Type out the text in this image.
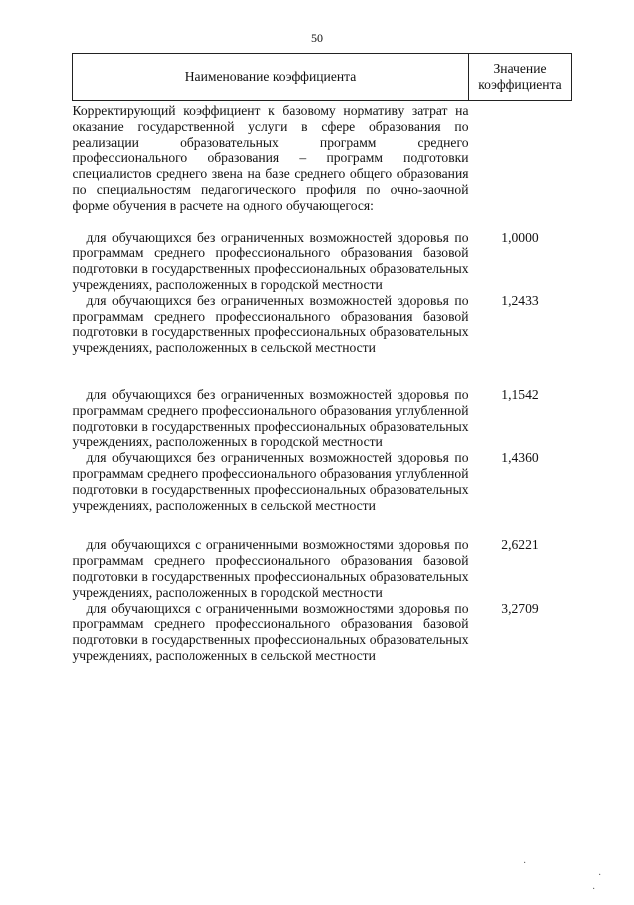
50
Наименование коэффициента	Значение коэффициента
Корректирующий коэффициент к базовому нормативу затрат на оказание государственной услуги в сфере образования по реализации образовательных программ среднего профессионального образования – программ подготовки специалистов среднего звена на базе среднего общего образования по специальностям педагогического профиля по очно-заочной форме обучения в расчете на одного обучающегося:	

для обучающихся без ограниченных возможностей здоровья по программам среднего профессионального образования базовой подготовки в государственных профессиональных образовательных учреждениях, расположенных в городской местности	1,0000
для обучающихся без ограниченных возможностей здоровья по программам среднего профессионального образования базовой подготовки в государственных профессиональных образовательных учреждениях, расположенных в сельской местности	1,2433

для обучающихся без ограниченных возможностей здоровья по программам среднего профессионального образования углубленной подготовки в государственных профессиональных образовательных учреждениях, расположенных в городской местности	1,1542
для обучающихся без ограниченных возможностей здоровья по программам среднего профессионального образования углубленной подготовки в государственных профессиональных образовательных учреждениях, расположенных в сельской местности	1,4360

для обучающихся с ограниченными возможностями здоровья по программам среднего профессионального образования базовой подготовки в государственных профессиональных образовательных учреждениях, расположенных в городской местности	2,6221
для обучающихся с ограниченными возможностями здоровья по программам среднего профессионального образования базовой подготовки в государственных профессиональных образовательных учреждениях, расположенных в сельской местности	3,2709
·
·
·
